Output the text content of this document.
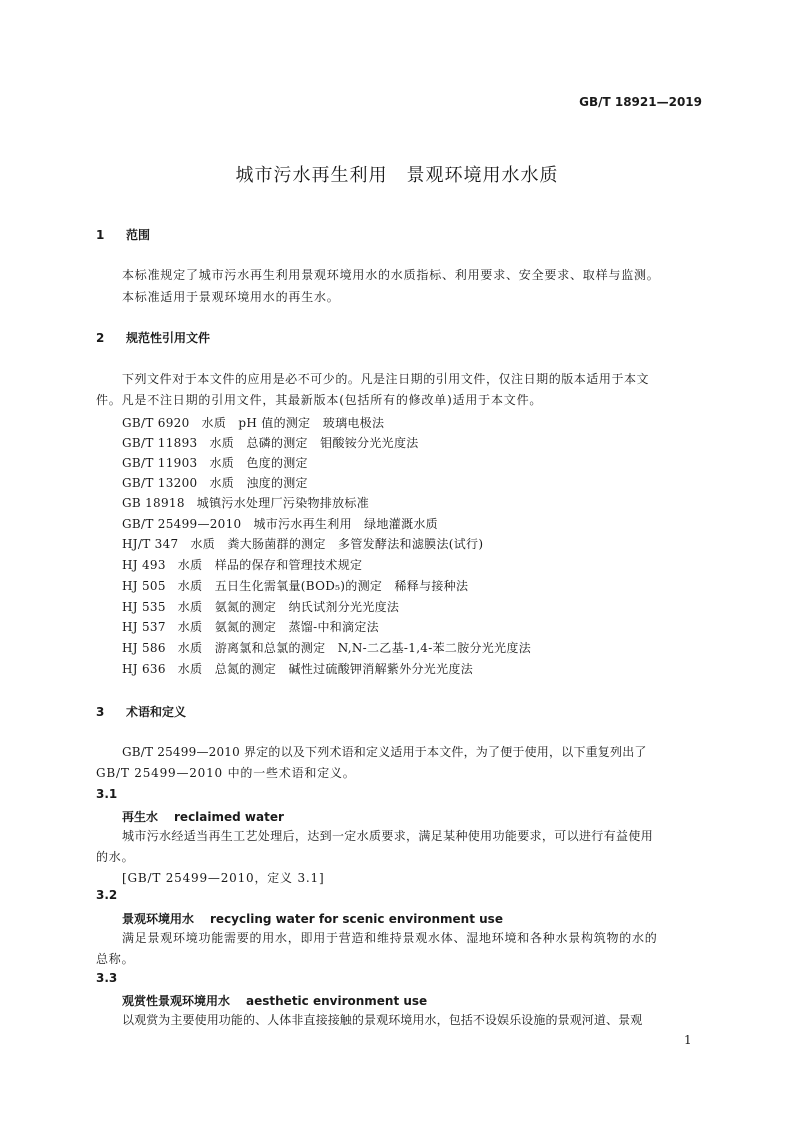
GB/T 18921—2019
城市污水再生利用　景观环境用水水质
1 范围
本标准规定了城市污水再生利用景观环境用水的水质指标、利用要求、安全要求、取样与监测。
本标准适用于景观环境用水的再生水。
2 规范性引用文件
下列文件对于本文件的应用是必不可少的。凡是注日期的引用文件，仅注日期的版本适用于本文
件。凡是不注日期的引用文件，其最新版本(包括所有的修改单)适用于本文件。
GB/T 6920 水质　pH 值的测定　玻璃电极法
GB/T 11893 水质　总磷的测定　钼酸铵分光光度法
GB/T 11903 水质　色度的测定
GB/T 13200 水质　浊度的测定
GB 18918 城镇污水处理厂污染物排放标准
GB/T 25499—2010 城市污水再生利用　绿地灌溉水质
HJ/T 347 水质　粪大肠菌群的测定　多管发酵法和滤膜法(试行)
HJ 493 水质　样品的保存和管理技术规定
HJ 505 水质　五日生化需氧量(BOD₅)的测定　稀释与接种法
HJ 535 水质　氨氮的测定　纳氏试剂分光光度法
HJ 537 水质　氨氮的测定　蒸馏-中和滴定法
HJ 586 水质　游离氯和总氯的测定　N,N-二乙基-1,4-苯二胺分光光度法
HJ 636 水质　总氮的测定　碱性过硫酸钾消解紫外分光光度法
3 术语和定义
GB/T 25499—2010 界定的以及下列术语和定义适用于本文件，为了便于使用，以下重复列出了
GB/T 25499—2010 中的一些术语和定义。
3.1
再生水 reclaimed water
城市污水经适当再生工艺处理后，达到一定水质要求，满足某种使用功能要求，可以进行有益使用
的水。
[GB/T 25499—2010，定义 3.1]
3.2
景观环境用水 recycling water for scenic environment use
满足景观环境功能需要的用水，即用于营造和维持景观水体、湿地环境和各种水景构筑物的水的
总称。
3.3
观赏性景观环境用水 aesthetic environment use
以观赏为主要使用功能的、人体非直接接触的景观环境用水，包括不设娱乐设施的景观河道、景观
1
